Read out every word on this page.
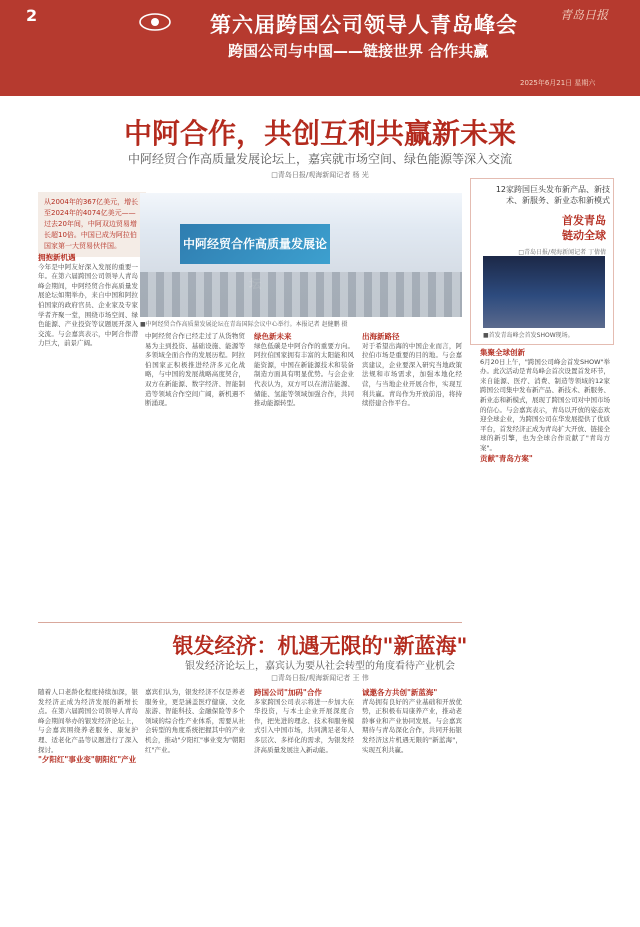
2	第六届跨国公司领导人青岛峰会
跨国公司与中国——链接世界 合作共赢
青岛日报
2025年6月21日 星期六
中阿合作，共创互利共赢新未来
中阿经贸合作高质量发展论坛上，嘉宾就市场空间、绿色能源等深入交流
□青岛日报/观海新闻记者 杨 光
从2004年的367亿美元，增长至2024年的4074亿美元——过去20年间，中阿双边贸易增长超10倍。中国已成为阿拉伯国家第一大贸易伙伴国。	中阿经贸合作高质量发展论
■中阿经贸合作高质量发展论坛在青岛国际会议中心举行。本报记者 赵健鹏 摄
拥抱新机遇
今年是中阿友好深入发展的重要一年。在第六届跨国公司领导人青岛峰会期间，中阿经贸合作高质量发展论坛如期举办，来自中国和阿拉伯国家的政府官员、企业家及专家学者齐聚一堂，围绕市场空间、绿色能源、产业投资等议题展开深入交流。与会嘉宾表示，中阿合作潜力巨大，前景广阔。
中阿经贸合作已经走过了从货物贸易为主到投资、基础设施、能源等多领域全面合作的发展历程。阿拉伯国家正积极推进经济多元化战略，与中国的发展战略高度契合，双方在新能源、数字经济、智能制造等领域合作空间广阔，新机遇不断涌现。
绿色新未来
绿色低碳是中阿合作的重要方向。阿拉伯国家拥有丰富的太阳能和风能资源，中国在新能源技术和装备制造方面具有明显优势。与会企业代表认为，双方可以在清洁能源、储能、氢能等领域加强合作，共同推动能源转型。
出海新路径
对于希望出海的中国企业而言，阿拉伯市场是重要的目的地。与会嘉宾建议，企业要深入研究当地政策法规和市场需求，加强本地化经营，与当地企业开展合作，实现互利共赢。青岛作为开放前沿，将持续搭建合作平台。
12家跨国巨头发布新产品、新技术、新服务、新业态和新模式
首发青岛
链动全球
□青岛日报/观海新闻记者 丁倩倩
■首发青岛峰会首发SHOW现场。
集聚全球创新
6月20日上午，"跨国公司峰会首发SHOW"举办。此次活动是青岛峰会首次设置首发环节，来自能源、医疗、消费、制造等领域的12家跨国公司集中发布新产品、新技术、新服务、新业态和新模式，展现了跨国公司对中国市场的信心。与会嘉宾表示，青岛以开放的姿态欢迎全球企业，为跨国公司在华发展提供了优质平台，首发经济正成为青岛扩大开放、链接全球的新引擎，也为全球合作贡献了"青岛方案"。
贡献"青岛方案"
银发经济：机遇无限的"新蓝海"
银发经济论坛上，嘉宾认为要从社会转型的角度看待产业机会
□青岛日报/观海新闻记者 王 伟
随着人口老龄化程度持续加深，银发经济正成为经济发展的新增长点。在第六届跨国公司领导人青岛峰会期间举办的银发经济论坛上，与会嘉宾围绕养老服务、康复护理、适老化产品等议题进行了深入探讨。
"夕阳红"事业变"朝阳红"产业
嘉宾们认为，银发经济不仅是养老服务业，更是涵盖医疗健康、文化旅游、智能科技、金融保险等多个领域的综合性产业体系，需要从社会转型的角度系统把握其中的产业机会，推动"夕阳红"事业变为"朝阳红"产业。
跨国公司"加码"合作
多家跨国公司表示将进一步加大在华投资，与本土企业开展深度合作，把先进的理念、技术和服务模式引入中国市场，共同满足老年人多层次、多样化的需求，为银发经济高质量发展注入新动能。
诚邀各方共创"新蓝海"
青岛拥有良好的产业基础和开放优势，正积极布局康养产业，推动老龄事业和产业协同发展。与会嘉宾期待与青岛深化合作，共同开拓银发经济这片机遇无限的"新蓝海"，实现互利共赢。
